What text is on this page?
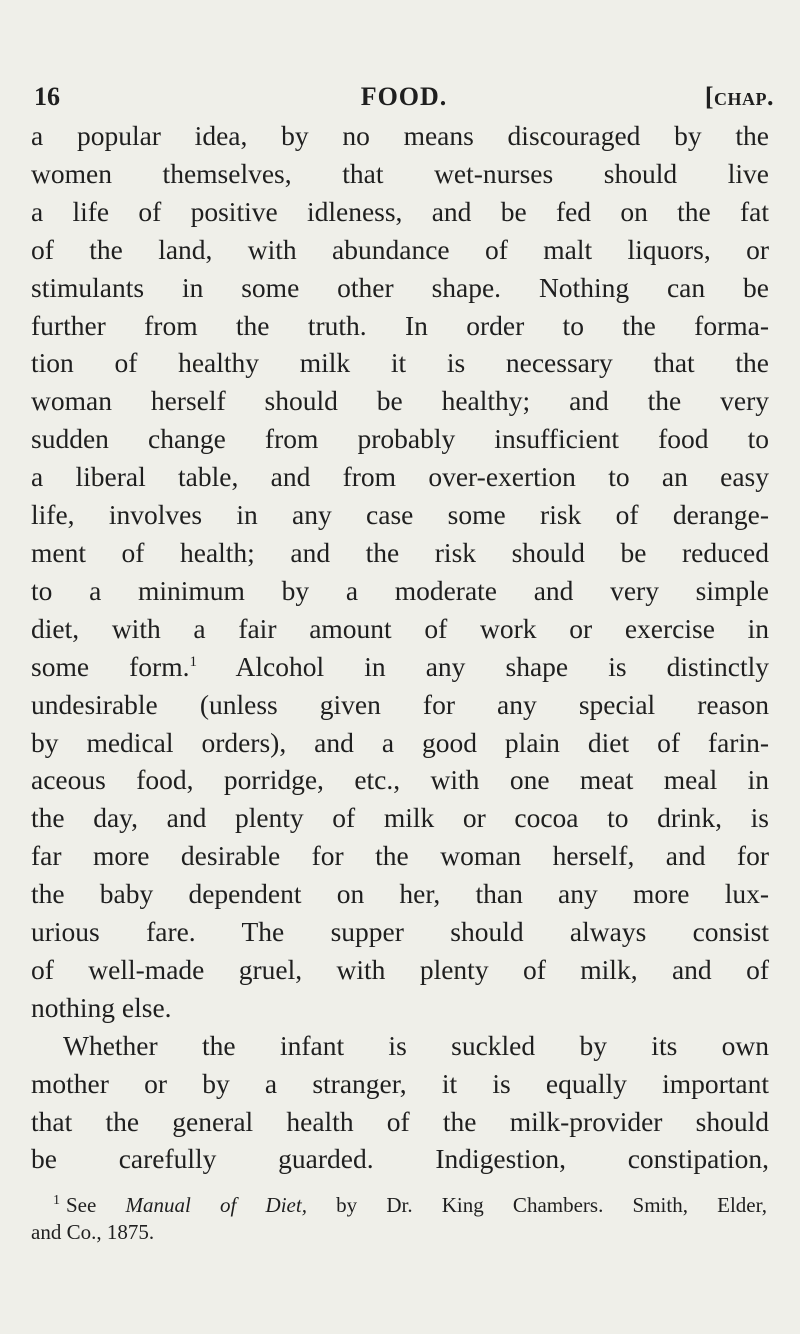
16	FOOD.	[chap.
a popular idea, by no means discouraged by the
women themselves, that wet-nurses should live
a life of positive idleness, and be fed on the fat
of the land, with abundance of malt liquors, or
stimulants in some other shape. Nothing can be
further from the truth. In order to the forma-
tion of healthy milk it is necessary that the
woman herself should be healthy; and the very
sudden change from probably insufficient food to
a liberal table, and from over-exertion to an easy
life, involves in any case some risk of derange-
ment of health; and the risk should be reduced
to a minimum by a moderate and very simple
diet, with a fair amount of work or exercise in
some form.$^1$ Alcohol in any shape is distinctly
undesirable (unless given for any special reason
by medical orders), and a good plain diet of farin-
aceous food, porridge, etc., with one meat meal in
the day, and plenty of milk or cocoa to drink, is
far more desirable for the woman herself, and for
the baby dependent on her, than any more lux-
urious fare. The supper should always consist
of well-made gruel, with plenty of milk, and of
nothing else.
Whether the infant is suckled by its own
mother or by a stranger, it is equally important
that the general health of the milk-provider should
be carefully guarded. Indigestion, constipation,
$^1$ See Manual of Diet, by Dr. King Chambers. Smith, Elder,
and Co., 1875.
